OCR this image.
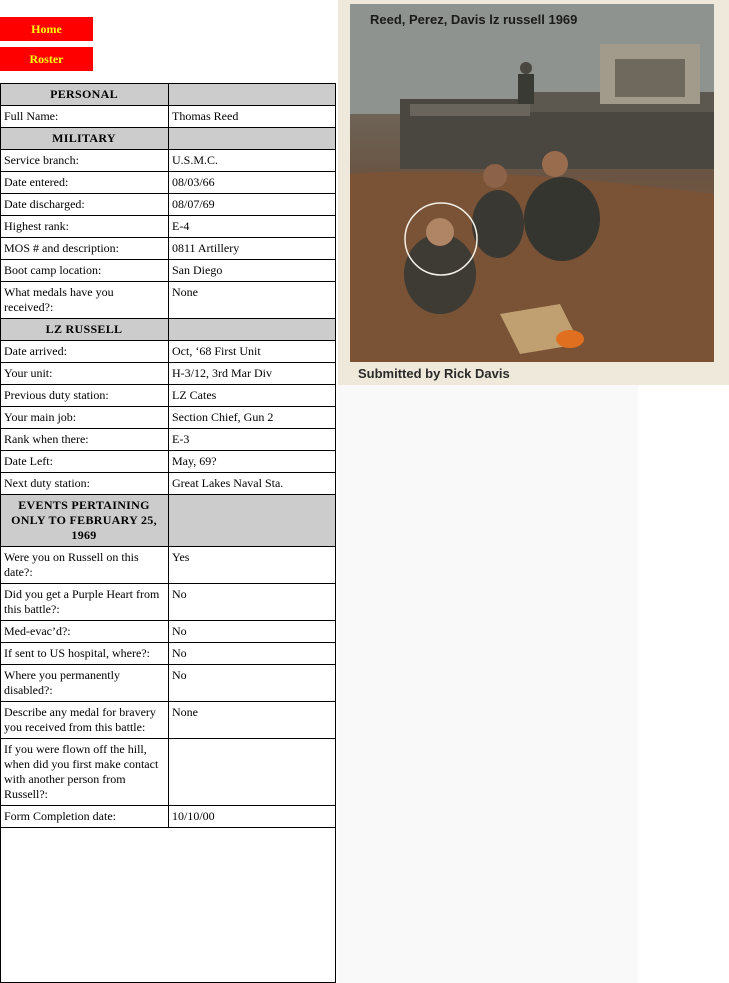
Home
Roster
PERSONAL	
Full Name:	Thomas Reed
MILITARY	
Service branch:	U.S.M.C.
Date entered:	08/03/66
Date discharged:	08/07/69
Highest rank:	E-4
MOS # and description:	0811 Artillery
Boot camp location:	San Diego
What medals have you received?:	None
LZ RUSSELL	
Date arrived:	Oct, ‘68 First Unit
Your unit:	H-3/12, 3rd Mar Div
Previous duty station:	LZ Cates
Your main job:	Section Chief, Gun 2
Rank when there:	E-3
Date Left:	May, 69?
Next duty station:	Great Lakes Naval Sta.
EVENTS PERTAINING ONLY TO FEBRUARY 25, 1969	
Were you on Russell on this date?:	Yes
Did you get a Purple Heart from this battle?:	No
Med-evac’d?:	No
If sent to US hospital, where?:	No
Where you permanently disabled?:	No
Describe any medal for bravery you received from this battle:	None
If you were flown off the hill, when did you first make contact with another person from Russell?:	
Form Completion date:	10/10/00
Reed, Perez, Davis lz russell 1969
Submitted by Rick Davis
